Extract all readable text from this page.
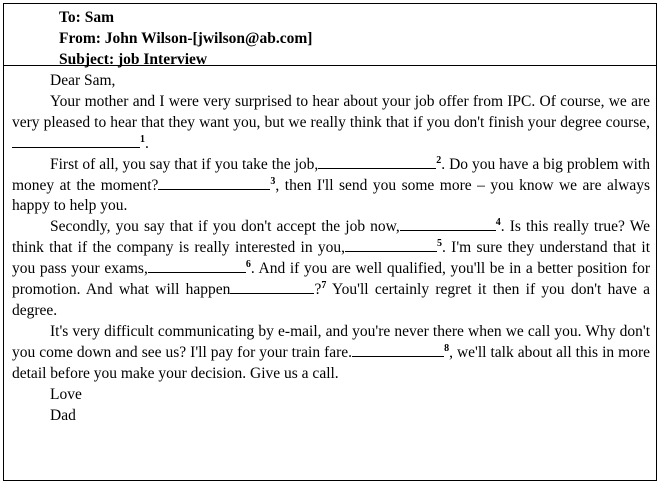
To: Sam
From: John Wilson-[jwilson@ab.com]
Subject: job Interview
Dear Sam,

Your mother and I were very surprised to hear about your job offer from IPC. Of course, we are very pleased to hear that they want you, but we really think that if you don't finish your degree course,$^1$.

First of all, you say that if you take the job,	$^2$. Do you have a big problem with money at the moment?	$^3$, then I'll send you some more – you know we are always happy to help you.

Secondly, you say that if you don't accept the job now,	$^4$. Is this really true? We think that if the company is really interested in you,	$^5$. I'm sure they understand that it you pass your exams,	$^6$. And if you are well qualified, you'll be in a better position for promotion. And what will happen	?$^7$ You'll certainly regret it then if you don't have a degree.

It's very difficult communicating by e-mail, and you're never there when we call you. Why don't you come down and see us? I'll pay for your train fare.	$^8$, we'll talk about all this in more detail before you make your decision. Give us a call.

Love
Dad
